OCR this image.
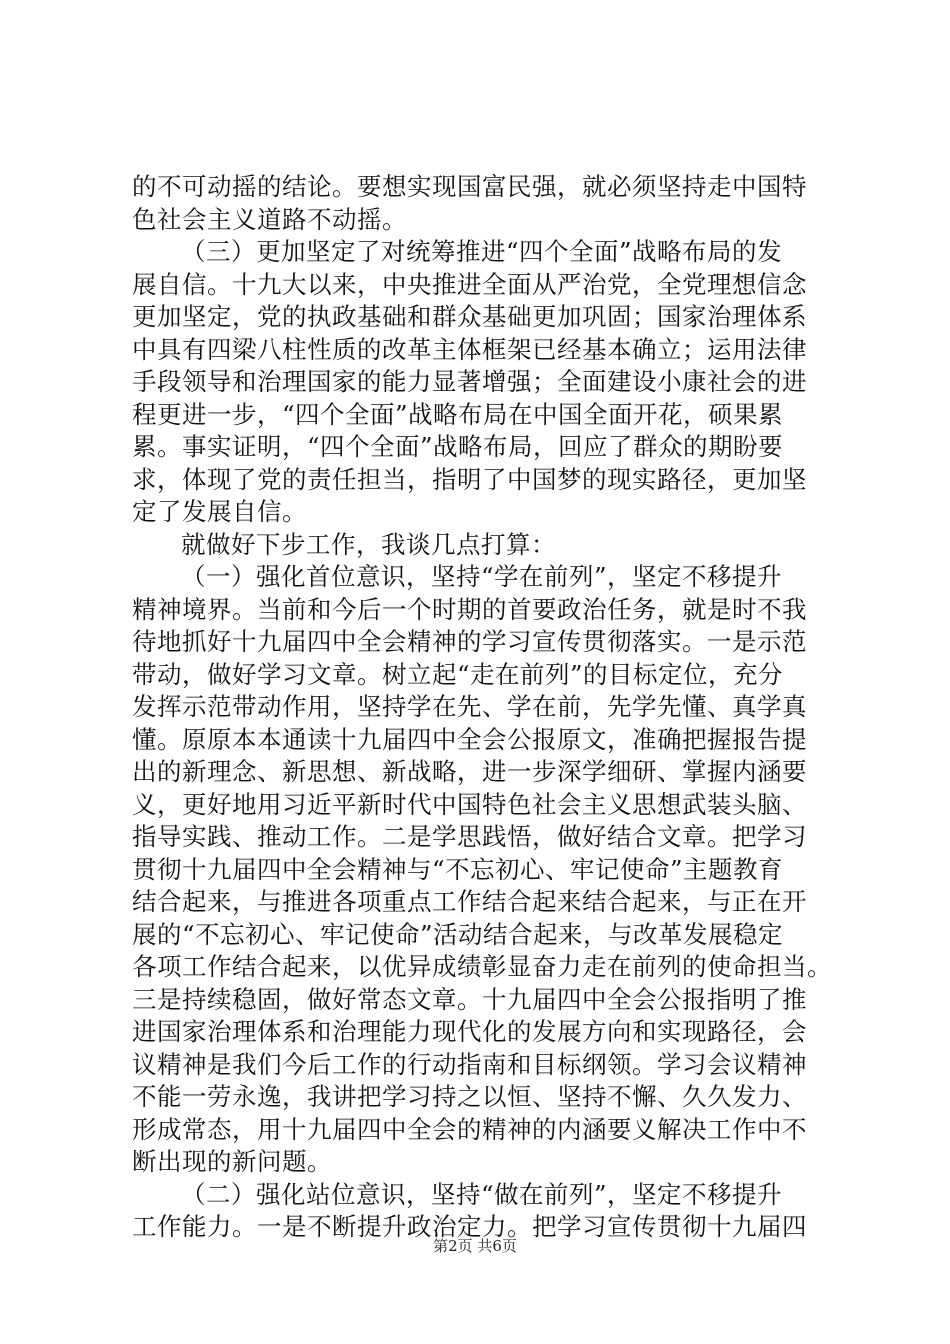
的不可动摇的结论。要想实现国富民强，就必须坚持走中国特
色社会主义道路不动摇。
（三）更加坚定了对统筹推进“四个全面”战略布局的发
展自信。十九大以来，中央推进全面从严治党，全党理想信念
更加坚定，党的执政基础和群众基础更加巩固；国家治理体系
中具有四梁八柱性质的改革主体框架已经基本确立；运用法律
手段领导和治理国家的能力显著增强；全面建设小康社会的进
程更进一步，“四个全面”战略布局在中国全面开花，硕果累
累。事实证明，“四个全面”战略布局，回应了群众的期盼要
求，体现了党的责任担当，指明了中国梦的现实路径，更加坚
定了发展自信。
就做好下步工作，我谈几点打算：
（一）强化首位意识，坚持“学在前列”，坚定不移提升
精神境界。当前和今后一个时期的首要政治任务，就是时不我
待地抓好十九届四中全会精神的学习宣传贯彻落实。一是示范
带动，做好学习文章。树立起“走在前列”的目标定位，充分
发挥示范带动作用，坚持学在先、学在前，先学先懂、真学真
懂。原原本本通读十九届四中全会公报原文，准确把握报告提
出的新理念、新思想、新战略，进一步深学细研、掌握内涵要
义，更好地用习近平新时代中国特色社会主义思想武装头脑、
指导实践、推动工作。二是学思践悟，做好结合文章。把学习
贯彻十九届四中全会精神与“不忘初心、牢记使命”主题教育
结合起来，与推进各项重点工作结合起来结合起来，与正在开
展的“不忘初心、牢记使命”活动结合起来，与改革发展稳定
各项工作结合起来，以优异成绩彰显奋力走在前列的使命担当。
三是持续稳固，做好常态文章。十九届四中全会公报指明了推
进国家治理体系和治理能力现代化的发展方向和实现路径，会
议精神是我们今后工作的行动指南和目标纲领。学习会议精神
不能一劳永逸，我讲把学习持之以恒、坚持不懈、久久发力、
形成常态，用十九届四中全会的精神的内涵要义解决工作中不
断出现的新问题。
（二）强化站位意识，坚持“做在前列”，坚定不移提升
工作能力。一是不断提升政治定力。把学习宣传贯彻十九届四
第2页 共6页
